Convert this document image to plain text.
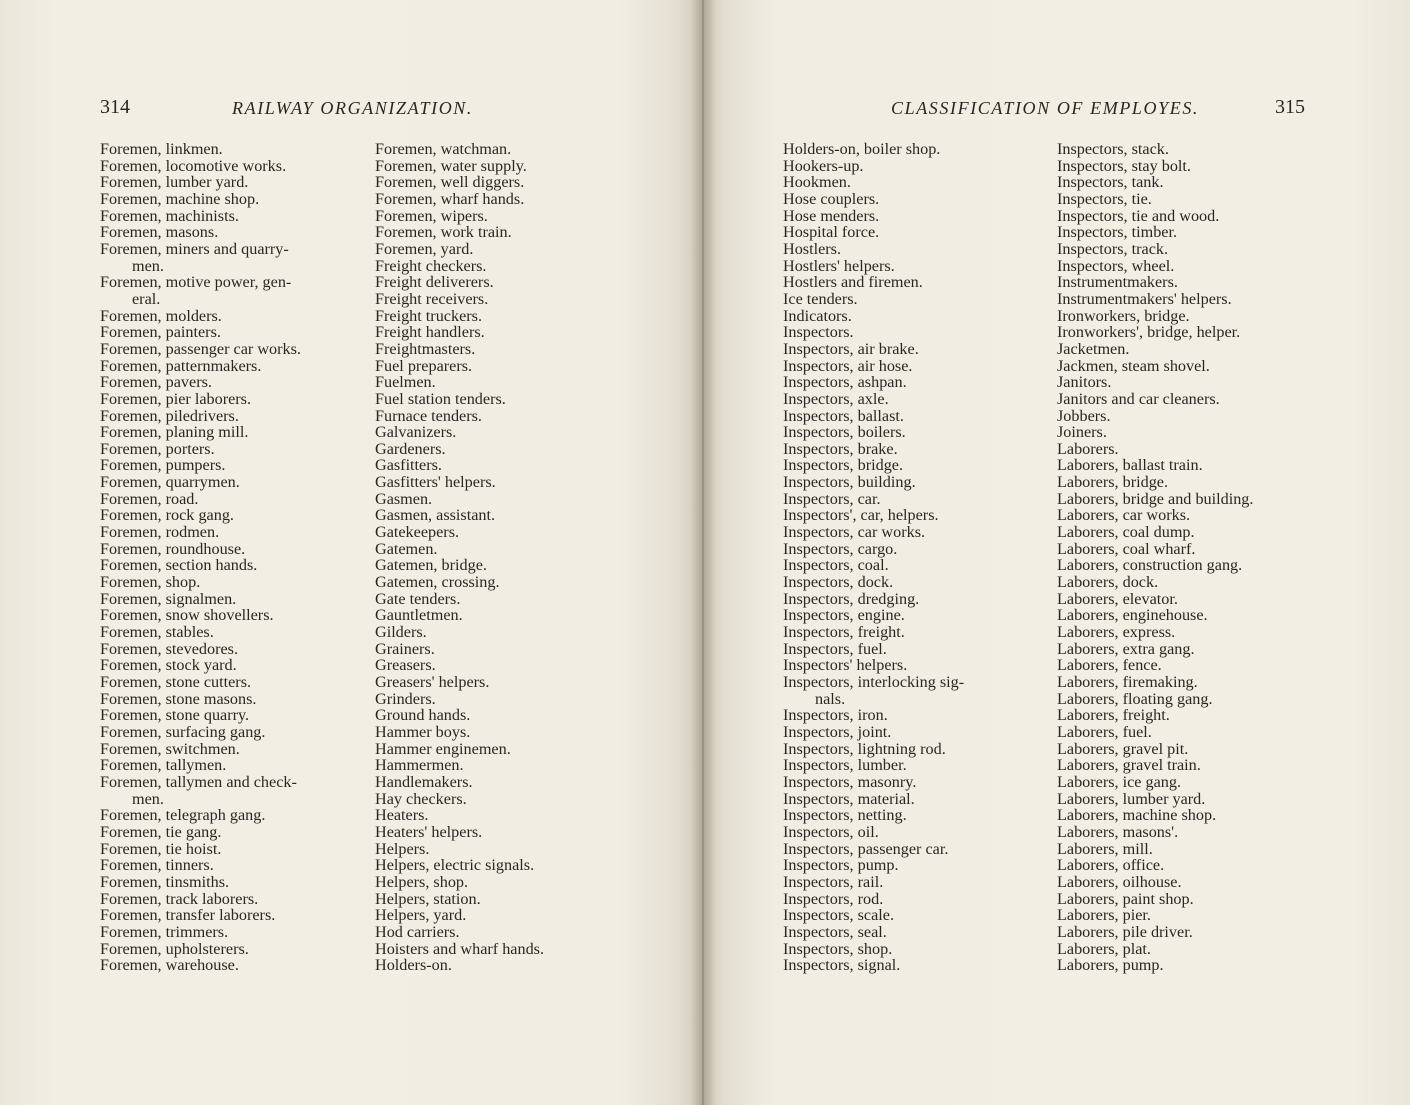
314	RAILWAY ORGANIZATION.
Foremen, linkmen.
Foremen, locomotive works.
Foremen, lumber yard.
Foremen, machine shop.
Foremen, machinists.
Foremen, masons.
Foremen, miners and quarry-
men.
Foremen, motive power, gen-
eral.
Foremen, molders.
Foremen, painters.
Foremen, passenger car works.
Foremen, patternmakers.
Foremen, pavers.
Foremen, pier laborers.
Foremen, piledrivers.
Foremen, planing mill.
Foremen, porters.
Foremen, pumpers.
Foremen, quarrymen.
Foremen, road.
Foremen, rock gang.
Foremen, rodmen.
Foremen, roundhouse.
Foremen, section hands.
Foremen, shop.
Foremen, signalmen.
Foremen, snow shovellers.
Foremen, stables.
Foremen, stevedores.
Foremen, stock yard.
Foremen, stone cutters.
Foremen, stone masons.
Foremen, stone quarry.
Foremen, surfacing gang.
Foremen, switchmen.
Foremen, tallymen.
Foremen, tallymen and check-
men.
Foremen, telegraph gang.
Foremen, tie gang.
Foremen, tie hoist.
Foremen, tinners.
Foremen, tinsmiths.
Foremen, track laborers.
Foremen, transfer laborers.
Foremen, trimmers.
Foremen, upholsterers.
Foremen, warehouse.
Foremen, watchman.
Foremen, water supply.
Foremen, well diggers.
Foremen, wharf hands.
Foremen, wipers.
Foremen, work train.
Foremen, yard.
Freight checkers.
Freight deliverers.
Freight receivers.
Freight truckers.
Freight handlers.
Freightmasters.
Fuel preparers.
Fuelmen.
Fuel station tenders.
Furnace tenders.
Galvanizers.
Gardeners.
Gasfitters.
Gasfitters' helpers.
Gasmen.
Gasmen, assistant.
Gatekeepers.
Gatemen.
Gatemen, bridge.
Gatemen, crossing.
Gate tenders.
Gauntletmen.
Gilders.
Grainers.
Greasers.
Greasers' helpers.
Grinders.
Ground hands.
Hammer boys.
Hammer enginemen.
Hammermen.
Handlemakers.
Hay checkers.
Heaters.
Heaters' helpers.
Helpers.
Helpers, electric signals.
Helpers, shop.
Helpers, station.
Helpers, yard.
Hod carriers.
Hoisters and wharf hands.
Holders-on.
CLASSIFICATION OF EMPLOYES.	315
Holders-on, boiler shop.
Hookers-up.
Hookmen.
Hose couplers.
Hose menders.
Hospital force.
Hostlers.
Hostlers' helpers.
Hostlers and firemen.
Ice tenders.
Indicators.
Inspectors.
Inspectors, air brake.
Inspectors, air hose.
Inspectors, ashpan.
Inspectors, axle.
Inspectors, ballast.
Inspectors, boilers.
Inspectors, brake.
Inspectors, bridge.
Inspectors, building.
Inspectors, car.
Inspectors', car, helpers.
Inspectors, car works.
Inspectors, cargo.
Inspectors, coal.
Inspectors, dock.
Inspectors, dredging.
Inspectors, engine.
Inspectors, freight.
Inspectors, fuel.
Inspectors' helpers.
Inspectors, interlocking sig-
nals.
Inspectors, iron.
Inspectors, joint.
Inspectors, lightning rod.
Inspectors, lumber.
Inspectors, masonry.
Inspectors, material.
Inspectors, netting.
Inspectors, oil.
Inspectors, passenger car.
Inspectors, pump.
Inspectors, rail.
Inspectors, rod.
Inspectors, scale.
Inspectors, seal.
Inspectors, shop.
Inspectors, signal.
Inspectors, stack.
Inspectors, stay bolt.
Inspectors, tank.
Inspectors, tie.
Inspectors, tie and wood.
Inspectors, timber.
Inspectors, track.
Inspectors, wheel.
Instrumentmakers.
Instrumentmakers' helpers.
Ironworkers, bridge.
Ironworkers', bridge, helper.
Jacketmen.
Jackmen, steam shovel.
Janitors.
Janitors and car cleaners.
Jobbers.
Joiners.
Laborers.
Laborers, ballast train.
Laborers, bridge.
Laborers, bridge and building.
Laborers, car works.
Laborers, coal dump.
Laborers, coal wharf.
Laborers, construction gang.
Laborers, dock.
Laborers, elevator.
Laborers, enginehouse.
Laborers, express.
Laborers, extra gang.
Laborers, fence.
Laborers, firemaking.
Laborers, floating gang.
Laborers, freight.
Laborers, fuel.
Laborers, gravel pit.
Laborers, gravel train.
Laborers, ice gang.
Laborers, lumber yard.
Laborers, machine shop.
Laborers, masons'.
Laborers, mill.
Laborers, office.
Laborers, oilhouse.
Laborers, paint shop.
Laborers, pier.
Laborers, pile driver.
Laborers, plat.
Laborers, pump.
